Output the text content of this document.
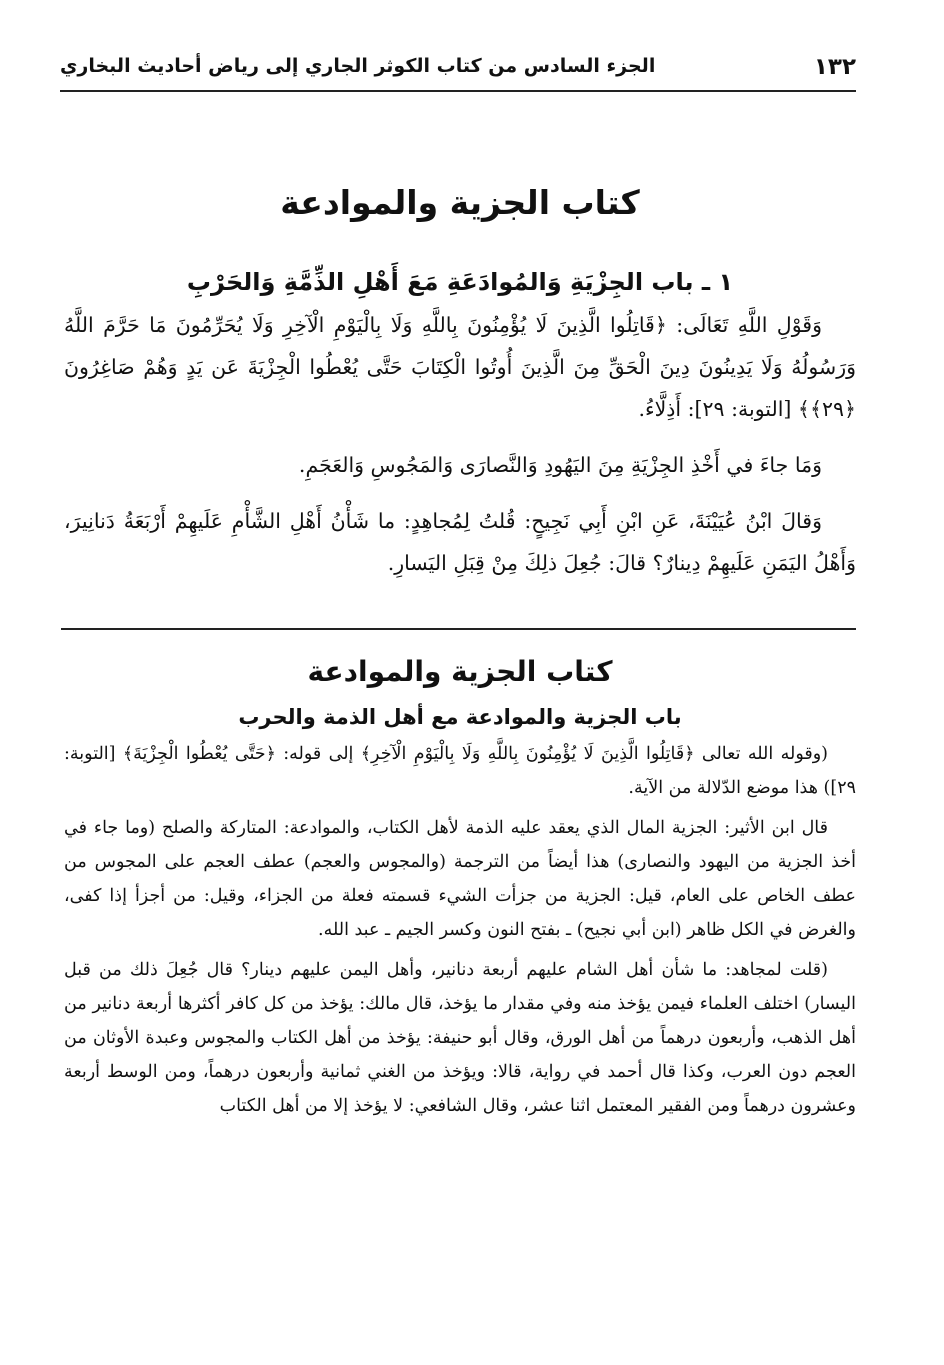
١٣٢
الجزء السادس من كتاب الكوثر الجاري إلى رياض أحاديث البخاري
كتاب الجزية والموادعة
١ ـ باب الجِزْيَةِ وَالمُوادَعَةِ مَعَ أَهْلِ الذِّمَّةِ وَالحَرْبِ

وَقَوْلِ اللَّهِ تَعَالَى: ﴿قَاتِلُوا الَّذِينَ لَا يُؤْمِنُونَ بِاللَّهِ وَلَا بِالْيَوْمِ الْآخِرِ وَلَا يُحَرِّمُونَ مَا حَرَّمَ اللَّهُ وَرَسُولُهُ وَلَا يَدِينُونَ دِينَ الْحَقِّ مِنَ الَّذِينَ أُوتُوا الْكِتَابَ حَتَّى يُعْطُوا الْجِزْيَةَ عَن يَدٍ وَهُمْ صَاغِرُونَ ﴿٢٩﴾﴾ [التوبة: ٢٩]: أَذِلَّاءُ.

وَمَا جاءَ في أَخْذِ الجِزْيَةِ مِنَ اليَهُودِ وَالنَّصارَى وَالمَجُوسِ وَالعَجَمِ.

وَقالَ ابْنُ عُيَيْنَةَ، عَنِ ابْنِ أَبِي نَجِيحٍ: قُلتُ لِمُجاهِدٍ: ما شَأْنُ أَهْلِ الشَّأْمِ عَلَيهِمْ أَرْبَعَةُ دَنانِيرَ، وَأَهْلُ اليَمَنِ عَلَيهِمْ دِينارٌ؟ قالَ: جُعِلَ ذلِكَ مِنْ قِبَلِ اليَسارِ.

كتاب الجزية والموادعة
باب الجزية والموادعة مع أهل الذمة والحرب

(وقوله الله تعالى ﴿قَاتِلُوا الَّذِينَ لَا يُؤْمِنُونَ بِاللَّهِ وَلَا بِالْيَوْمِ الْآخِرِ﴾ إلى قوله: ﴿حَتَّى يُعْطُوا الْجِزْيَةَ﴾ [التوبة: ٢٩]) هذا موضع الدّلالة من الآية.

قال ابن الأثير: الجزية المال الذي يعقد عليه الذمة لأهل الكتاب، والموادعة: المتاركة والصلح (وما جاء في أخذ الجزية من اليهود والنصارى) هذا أيضاً من الترجمة (والمجوس والعجم) عطف العجم على المجوس من عطف الخاص على العام، قيل: الجزية من جزأت الشيء قسمته فعلة من الجزاء، وقيل: من أجزأ إذا كفى، والغرض في الكل ظاهر (ابن أبي نجيح) ـ بفتح النون وكسر الجيم ـ عبد الله.

(قلت لمجاهد: ما شأن أهل الشام عليهم أربعة دنانير، وأهل اليمن عليهم دينار؟ قال جُعِلَ ذلك من قبل اليسار) اختلف العلماء فيمن يؤخذ منه وفي مقدار ما يؤخذ، قال مالك: يؤخذ من كل كافر أكثرها أربعة دنانير من أهل الذهب، وأربعون درهماً من أهل الورق، وقال أبو حنيفة: يؤخذ من أهل الكتاب والمجوس وعبدة الأوثان من العجم دون العرب، وكذا قال أحمد في رواية، قالا: ويؤخذ من الغني ثمانية وأربعون درهماً، ومن الوسط أربعة وعشرون درهماً ومن الفقير المعتمل اثنا عشر، وقال الشافعي: لا يؤخذ إلا من أهل الكتاب
